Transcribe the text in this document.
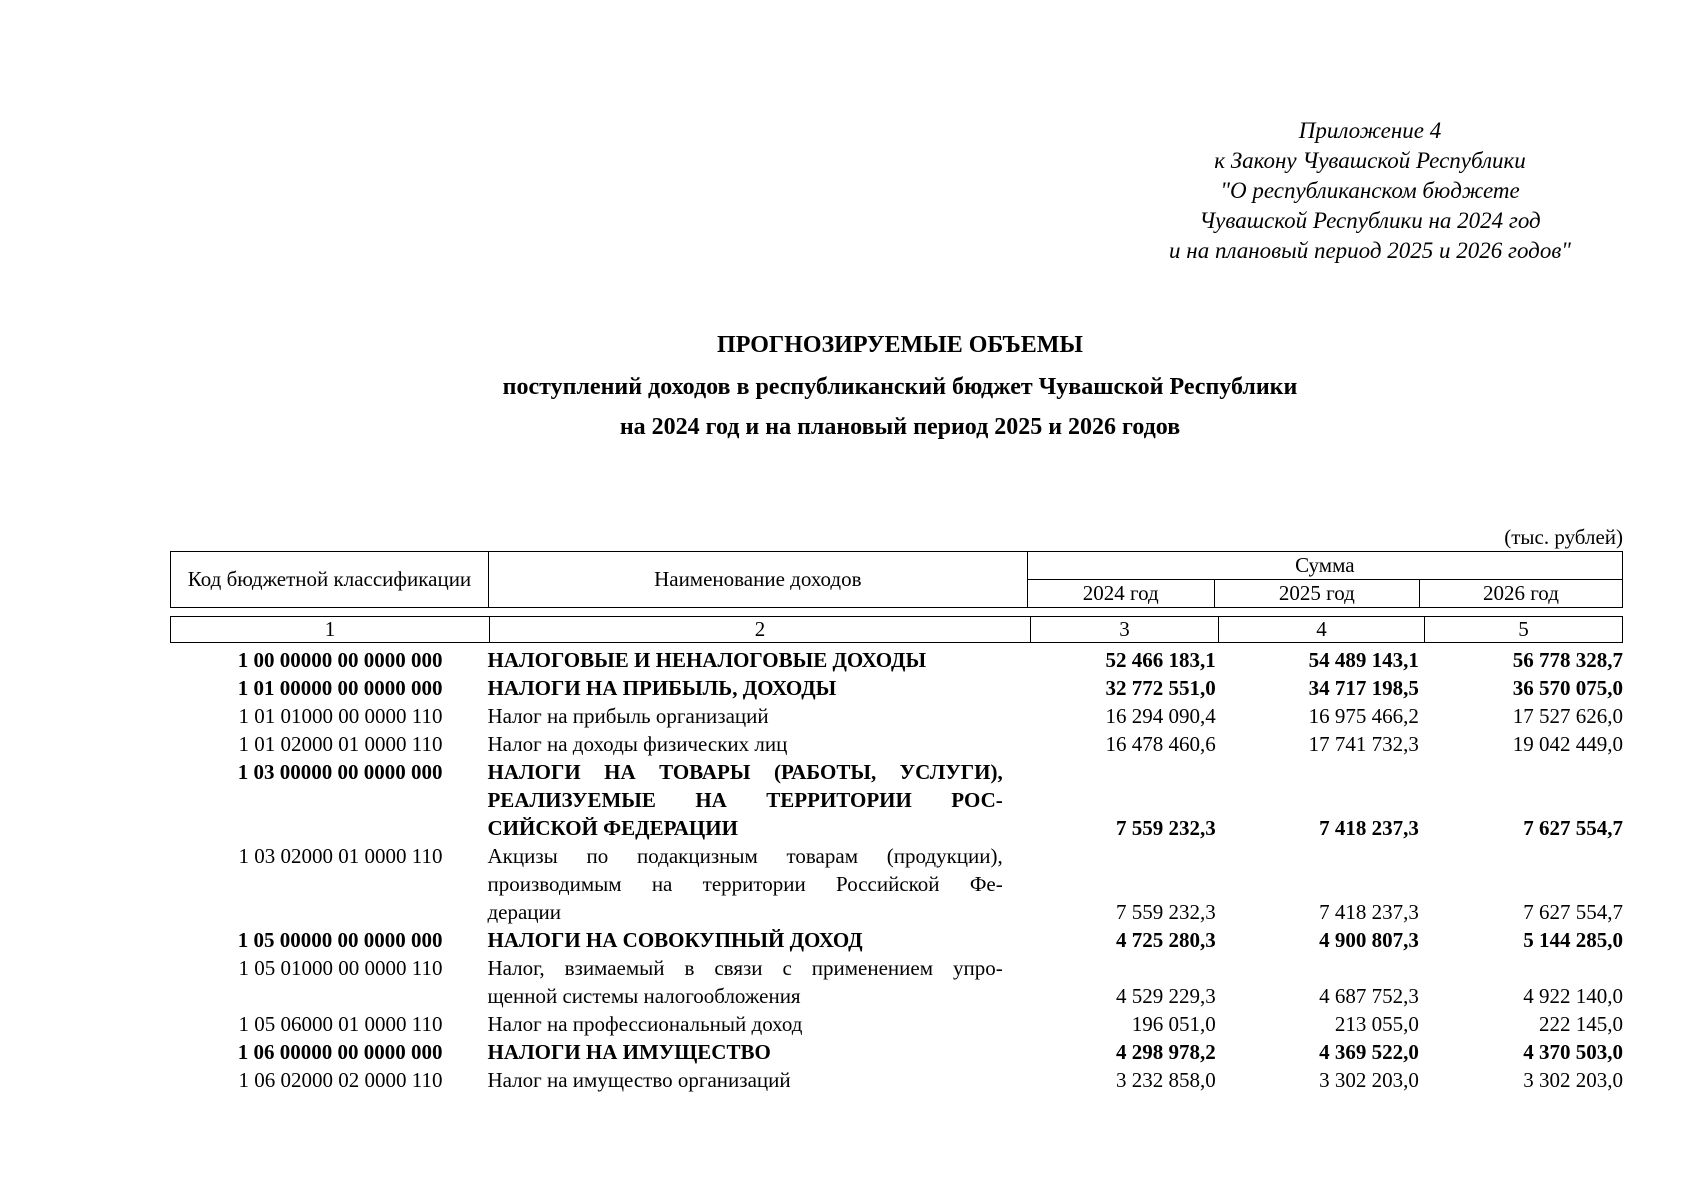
Приложение 4
к Закону Чувашской Республики
"О республиканском бюджете
Чувашской Республики на 2024 год
и на плановый период 2025 и 2026 годов"
ПРОГНОЗИРУЕМЫЕ ОБЪЕМЫ
поступлений доходов в республиканский бюджет Чувашской Республики
на 2024 год и на плановый период 2025 и 2026 годов
(тыс. рублей)
Код бюджетной классификации	Наименование доходов	Сумма		
		2024 год	2025 год	2026 год
1	2	3	4	5
1 00 00000 00 0000 000 НАЛОГОВЫЕ И НЕНАЛОГОВЫЕ ДОХОДЫ	52 466 183,1	54 489 143,1	56 778 328,7
1 01 00000 00 0000 000 НАЛОГИ НА ПРИБЫЛЬ, ДОХОДЫ	32 772 551,0	34 717 198,5	36 570 075,0
1 01 01000 00 0000 110 Налог на прибыль организаций	16 294 090,4	16 975 466,2	17 527 626,0
1 01 02000 01 0000 110 Налог на доходы физических лиц	16 478 460,6	17 741 732,3	19 042 449,0
1 03 00000 00 0000 000 НАЛОГИ НА ТОВАРЫ (РАБОТЫ, УСЛУГИ),
РЕАЛИЗУЕМЫЕ НА ТЕРРИТОРИИ РОС-
СИЙСКОЙ ФЕДЕРАЦИИ	7 559 232,3	7 418 237,3	7 627 554,7
1 03 02000 01 0000 110 Акцизы по подакцизным товарам (продукции),
производимым на территории Российской Фе-
дерации	7 559 232,3	7 418 237,3	7 627 554,7
1 05 00000 00 0000 000 НАЛОГИ НА СОВОКУПНЫЙ ДОХОД	4 725 280,3	4 900 807,3	5 144 285,0
1 05 01000 00 0000 110 Налог, взимаемый в связи с применением упро-
щенной системы налогообложения	4 529 229,3	4 687 752,3	4 922 140,0
1 05 06000 01 0000 110 Налог на профессиональный доход	196 051,0	213 055,0	222 145,0
1 06 00000 00 0000 000 НАЛОГИ НА ИМУЩЕСТВО	4 298 978,2	4 369 522,0	4 370 503,0
1 06 02000 02 0000 110 Налог на имущество организаций	3 232 858,0	3 302 203,0	3 302 203,0
